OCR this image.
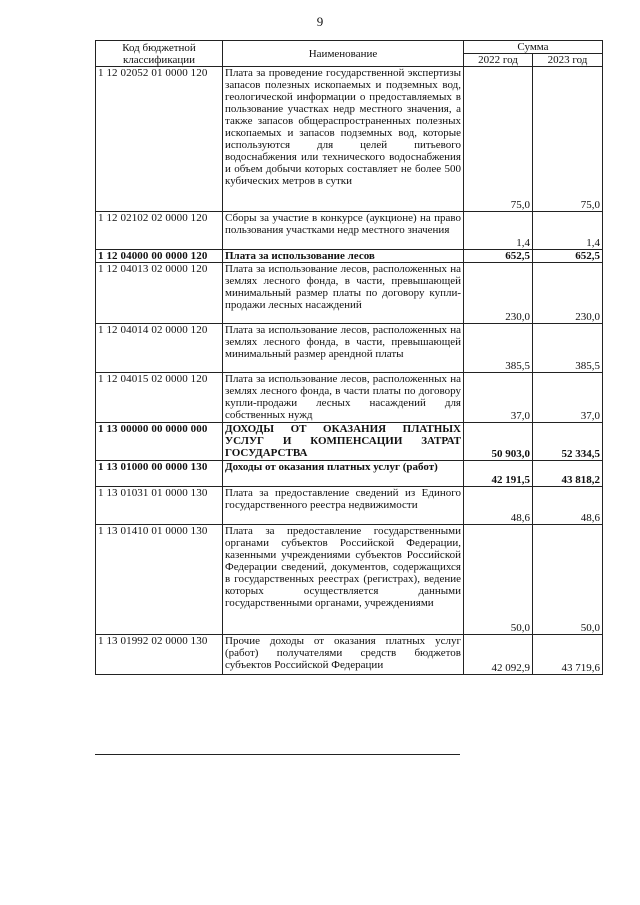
9
Код бюджетной классификации	Наименование	Сумма	
		2022 год	2023 год
1 12 02052 01 0000 120	Плата за проведение государственной экспертизы запасов полезных ископаемых и подземных вод, геологической информации о предоставляемых в пользование участках недр местного значения, а также запасов общераспространенных полезных ископаемых и запасов подземных вод, которые используются для целей питьевого водоснабжения или технического водоснабжения и объем добычи которых составляет не более 500 кубических метров в сутки	75,0	75,0
1 12 02102 02 0000 120	Сборы за участие в конкурсе (аукционе) на право пользования участками недр местного значения	1,4	1,4
1 12 04000 00 0000 120	Плата за использование лесов	652,5	652,5
1 12 04013 02 0000 120	Плата за использование лесов, расположенных на землях лесного фонда, в части, превышающей минимальный размер платы по договору купли-продажи лесных насаждений	230,0	230,0
1 12 04014 02 0000 120	Плата за использование лесов, расположенных на землях лесного фонда, в части, превышающей минимальный размер арендной платы	385,5	385,5
1 12 04015 02 0000 120	Плата за использование лесов, расположенных на землях лесного фонда, в части платы по договору купли-продажи лесных насаждений для собственных нужд	37,0	37,0
1 13 00000 00 0000 000	ДОХОДЫ ОТ ОКАЗАНИЯ ПЛАТНЫХ УСЛУГ И КОМПЕНСАЦИИ ЗАТРАТ ГОСУДАРСТВА	50 903,0	52 334,5
1 13 01000 00 0000 130	Доходы от оказания платных услуг (работ)	42 191,5	43 818,2
1 13 01031 01 0000 130	Плата за предоставление сведений из Единого государственного реестра недвижимости	48,6	48,6
1 13 01410 01 0000 130	Плата за предоставление государственными органами субъектов Российской Федерации, казенными учреждениями субъектов Российской Федерации сведений, документов, содержащихся в государственных реестрах (регистрах), ведение которых осуществляется данными государственными органами, учреждениями	50,0	50,0
1 13 01992 02 0000 130	Прочие доходы от оказания платных услуг (работ) получателями средств бюджетов субъектов Российской Федерации	42 092,9	43 719,6
